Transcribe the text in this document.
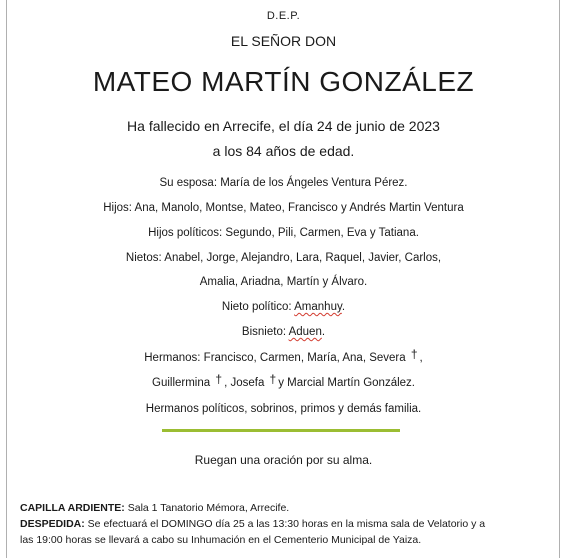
D.E.P.
EL SEÑOR DON
MATEO MARTÍN GONZÁLEZ
Ha fallecido en Arrecife, el día 24 de junio de 2023
a los 84 años de edad.
Su esposa: María de los Ángeles Ventura Pérez.
Hijos: Ana, Manolo, Montse, Mateo, Francisco y Andrés Martin Ventura
Hijos políticos: Segundo, Pili, Carmen, Eva y Tatiana.
Nietos: Anabel, Jorge, Alejandro, Lara, Raquel, Javier, Carlos,
Amalia, Ariadna, Martín y Álvaro.
Nieto político: Amanhuy.
Bisnieto: Aduen.
Hermanos: Francisco, Carmen, María, Ana, Severa † ,
Guillermina † , Josefa † y Marcial Martín González.
Hermanos políticos, sobrinos, primos y demás familia.
Ruegan una oración por su alma.
CAPILLA ARDIENTE: Sala 1 Tanatorio Mémora, Arrecife.
DESPEDIDA: Se efectuará el DOMINGO día 25 a las 13:30 horas en la misma sala de Velatorio y a
las 19:00 horas se llevará a cabo su Inhumación en el Cementerio Municipal de Yaiza.
